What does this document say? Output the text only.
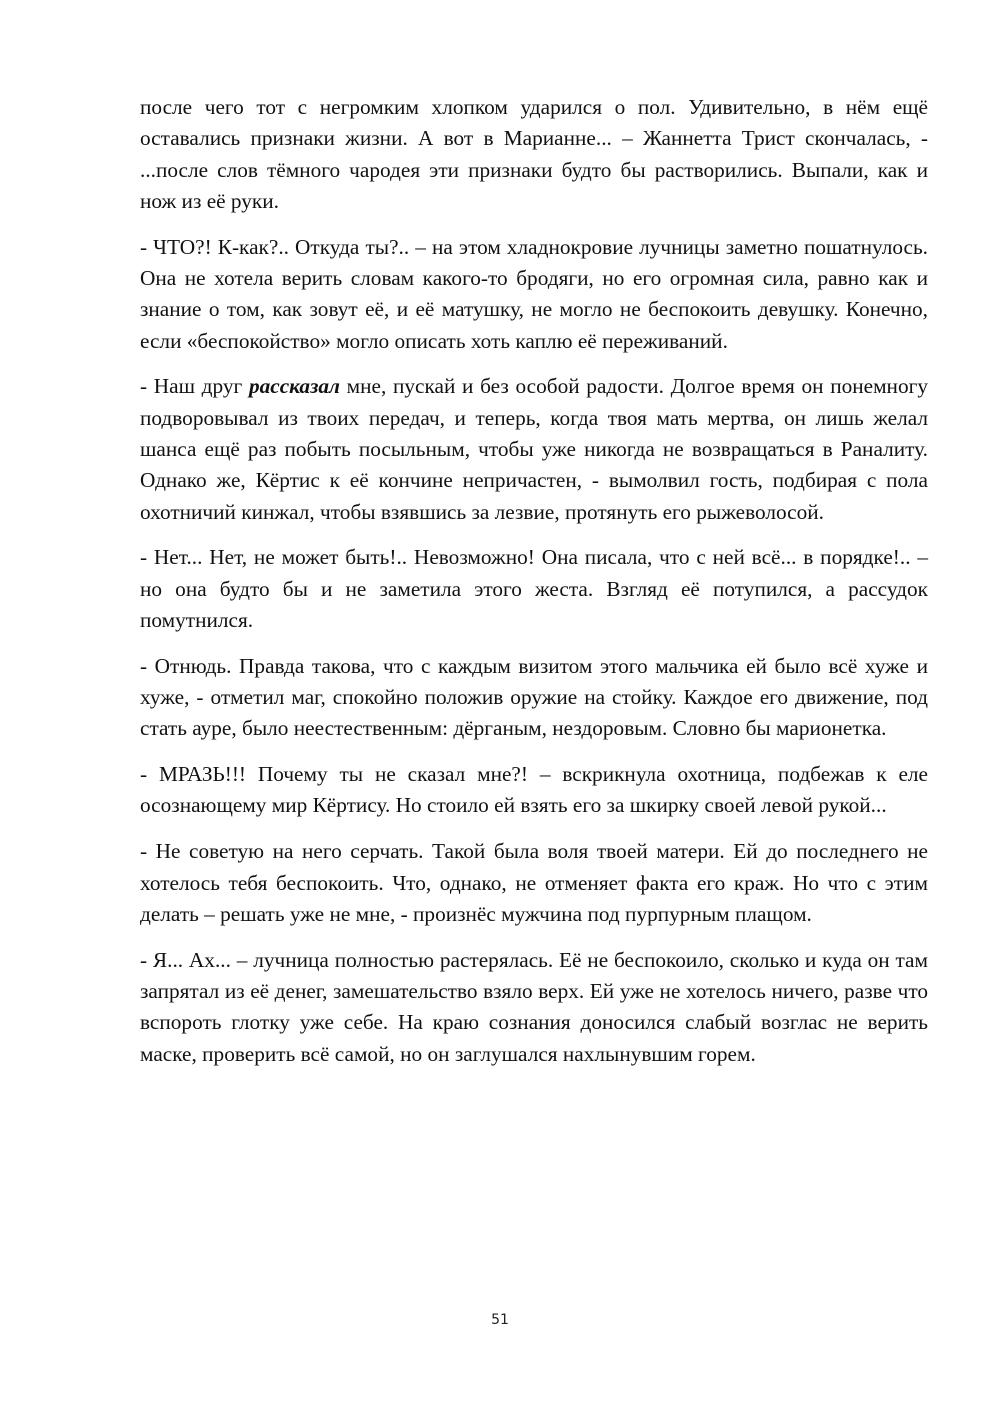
после чего тот с негромким хлопком ударился о пол. Удивительно, в нём ещё оставались признаки жизни. А вот в Марианне... – Жаннетта Трист скончалась, - ...после слов тёмного чародея эти признаки будто бы растворились. Выпали, как и нож из её руки.

- ЧТО?! К-как?.. Откуда ты?.. – на этом хладнокровие лучницы заметно пошатнулось. Она не хотела верить словам какого-то бродяги, но его огромная сила, равно как и знание о том, как зовут её, и её матушку, не могло не беспокоить девушку. Конечно, если «беспокойство» могло описать хоть каплю её переживаний.

- Наш друг рассказал мне, пускай и без особой радости. Долгое время он понемногу подворовывал из твоих передач, и теперь, когда твоя мать мертва, он лишь желал шанса ещё раз побыть посыльным, чтобы уже никогда не возвращаться в Раналиту. Однако же, Кёртис к её кончине непричастен, - вымолвил гость, подбирая с пола охотничий кинжал, чтобы взявшись за лезвие, протянуть его рыжеволосой.

- Нет... Нет, не может быть!.. Невозможно! Она писала, что с ней всё... в порядке!.. – но она будто бы и не заметила этого жеста. Взгляд её потупился, а рассудок помутнился.

- Отнюдь. Правда такова, что с каждым визитом этого мальчика ей было всё хуже и хуже, - отметил маг, спокойно положив оружие на стойку. Каждое его движение, под стать ауре, было неестественным: дёрганым, нездоровым. Словно бы марионетка.

- МРАЗЬ!!! Почему ты не сказал мне?! – вскрикнула охотница, подбежав к еле осознающему мир Кёртису. Но стоило ей взять его за шкирку своей левой рукой...

- Не советую на него серчать. Такой была воля твоей матери. Ей до последнего не хотелось тебя беспокоить. Что, однако, не отменяет факта его краж. Но что с этим делать – решать уже не мне, - произнёс мужчина под пурпурным плащом.

- Я... Ах... – лучница полностью растерялась. Её не беспокоило, сколько и куда он там запрятал из её денег, замешательство взяло верх. Ей уже не хотелось ничего, разве что вспороть глотку уже себе. На краю сознания доносился слабый возглас не верить маске, проверить всё самой, но он заглушался нахлынувшим горем.

51
